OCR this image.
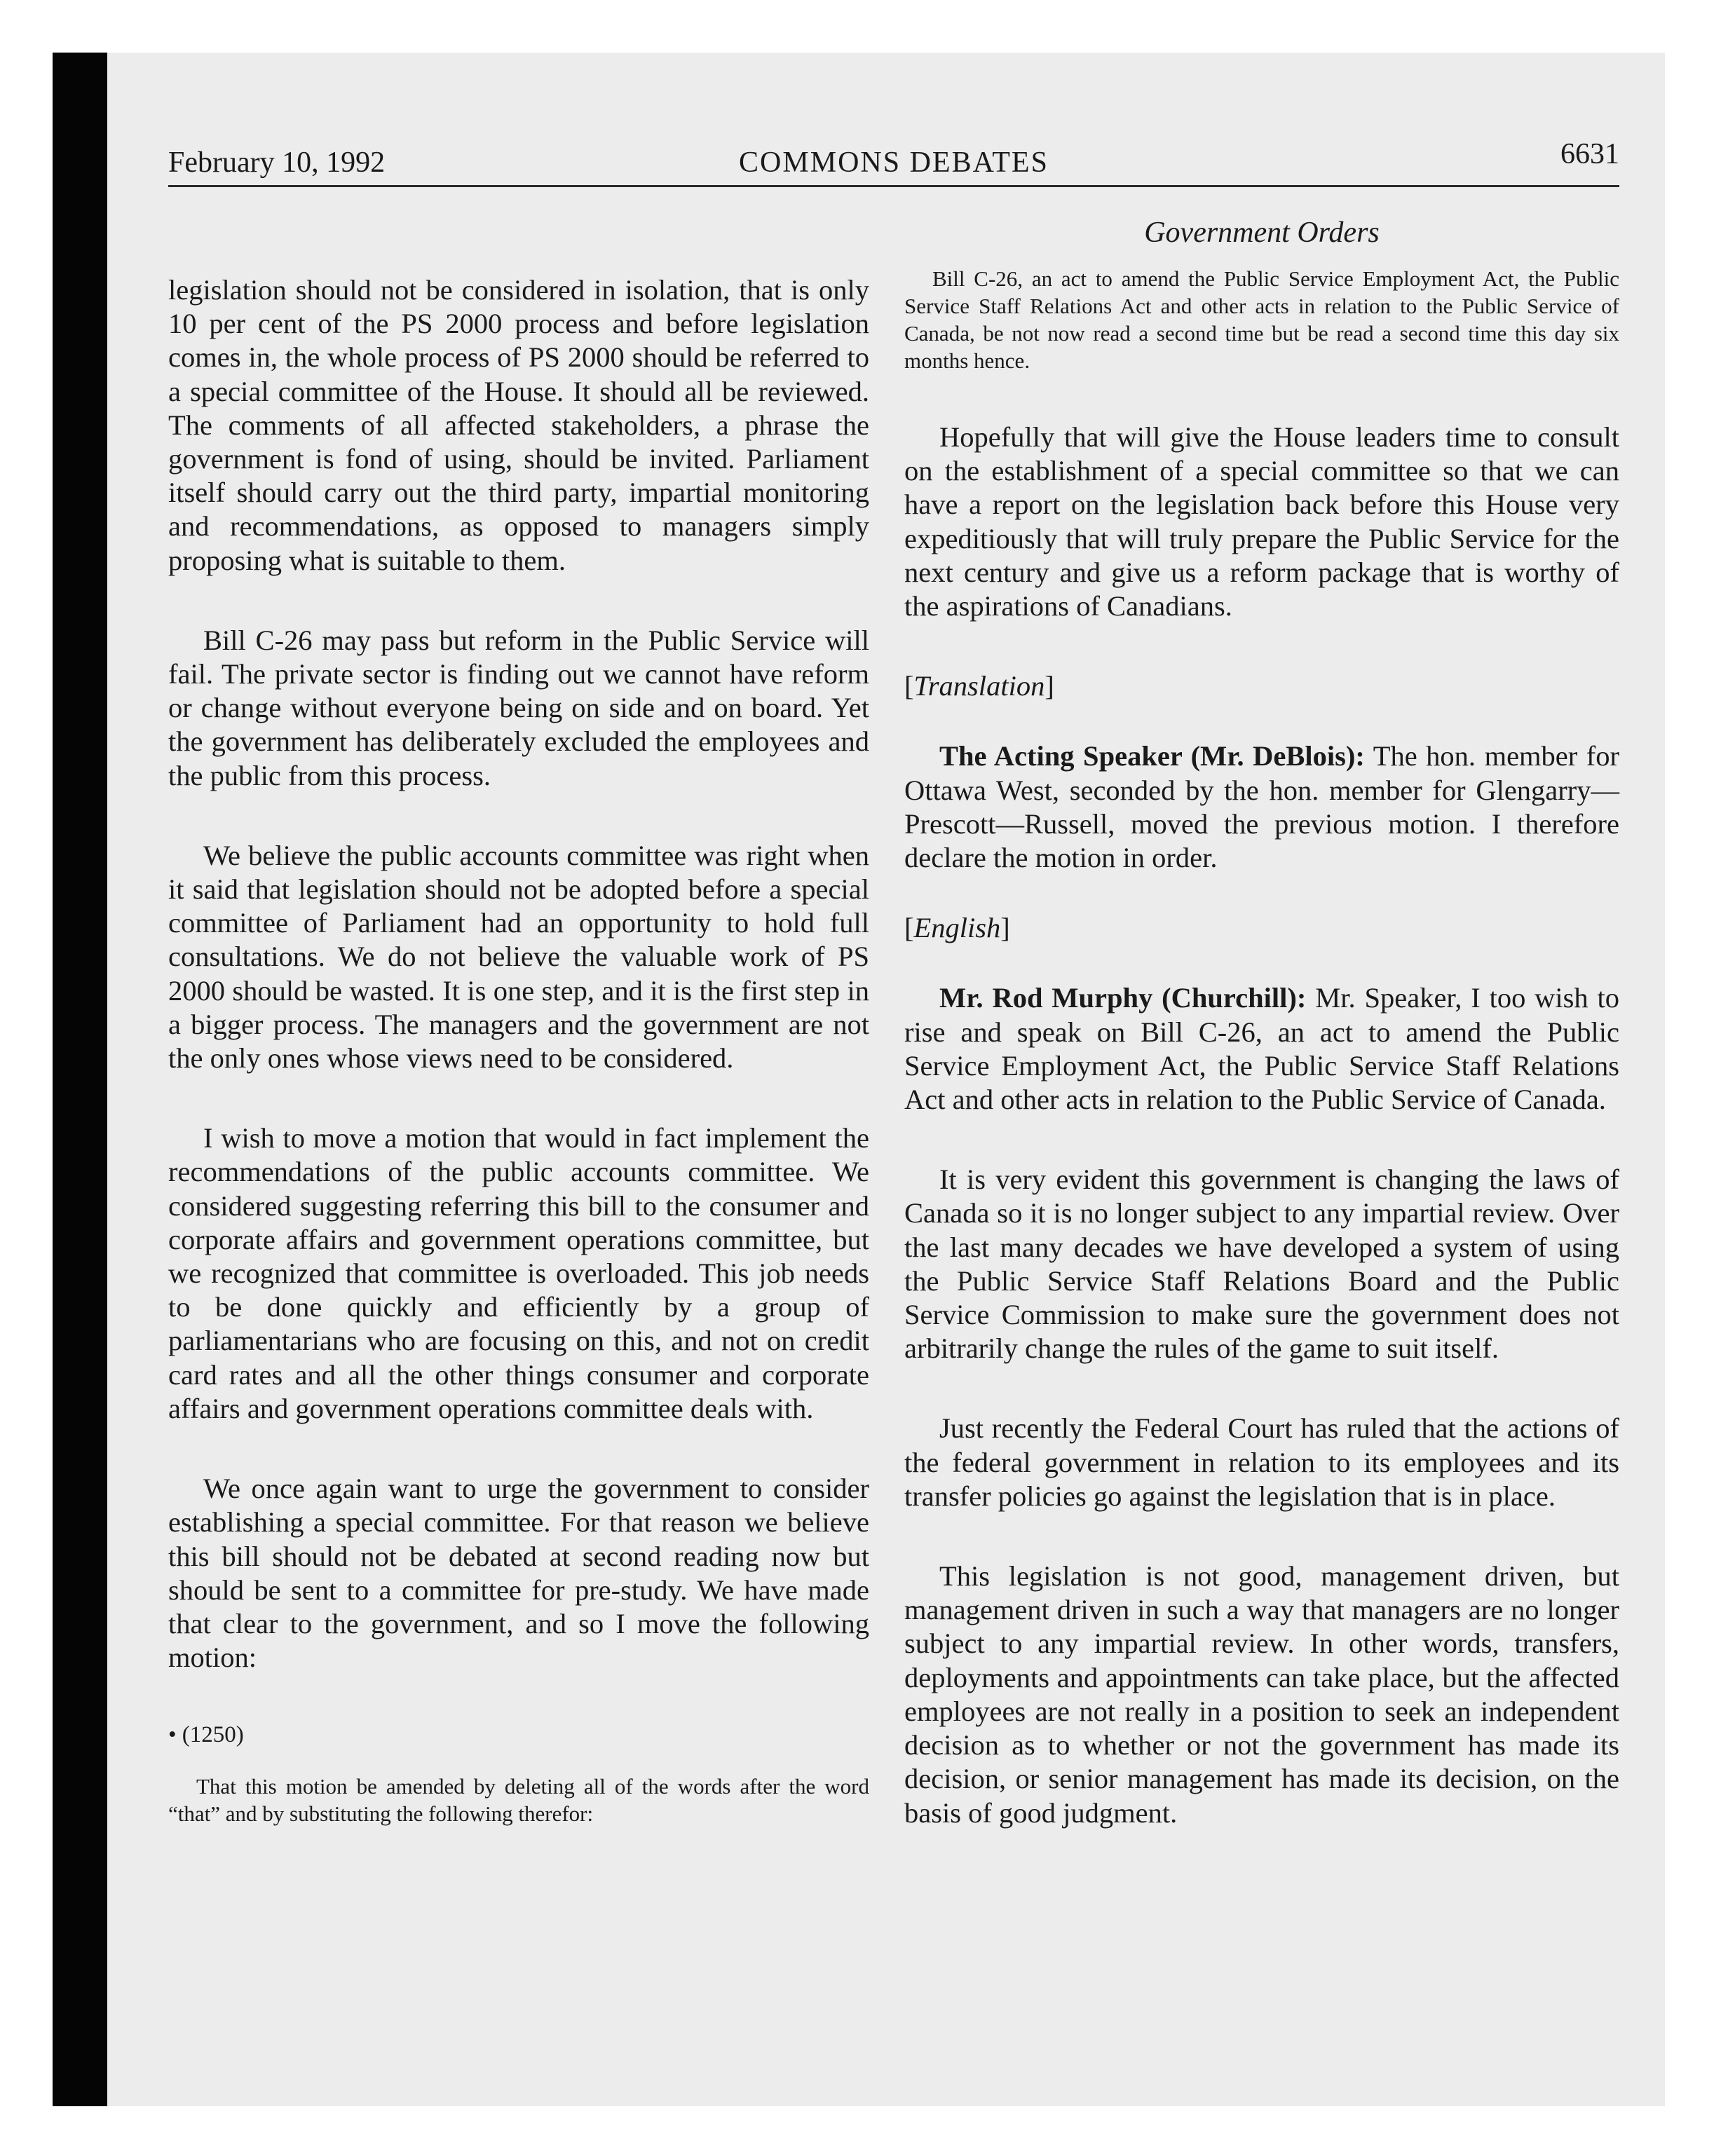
February 10, 1992	COMMONS DEBATES	6631
Government Orders

legislation should not be considered in isolation, that is only 10 per cent of the PS 2000 process and before legislation comes in, the whole process of PS 2000 should be referred to a special committee of the House. It should all be reviewed. The comments of all affected stakeholders, a phrase the government is fond of using, should be invited. Parliament itself should carry out the third party, impartial monitoring and recommendations, as opposed to managers simply proposing what is suitable to them.

Bill C-26 may pass but reform in the Public Service will fail. The private sector is finding out we cannot have reform or change without everyone being on side and on board. Yet the government has deliberately excluded the employees and the public from this process.

We believe the public accounts committee was right when it said that legislation should not be adopted before a special committee of Parliament had an opportunity to hold full consultations. We do not believe the valuable work of PS 2000 should be wasted. It is one step, and it is the first step in a bigger process. The managers and the government are not the only ones whose views need to be considered.

I wish to move a motion that would in fact implement the recommendations of the public accounts committee. We considered suggesting referring this bill to the consumer and corporate affairs and government operations committee, but we recognized that committee is overloaded. This job needs to be done quickly and efficiently by a group of parliamentarians who are focusing on this, and not on credit card rates and all the other things consumer and corporate affairs and government operations committee deals with.

We once again want to urge the government to consider establishing a special committee. For that reason we believe this bill should not be debated at second reading now but should be sent to a committee for pre-study. We have made that clear to the government, and so I move the following motion:

• (1250)

That this motion be amended by deleting all of the words after the word “that” and by substituting the following therefor:

Bill C-26, an act to amend the Public Service Employment Act, the Public Service Staff Relations Act and other acts in relation to the Public Service of Canada, be not now read a second time but be read a second time this day six months hence.

Hopefully that will give the House leaders time to consult on the establishment of a special committee so that we can have a report on the legislation back before this House very expeditiously that will truly prepare the Public Service for the next century and give us a reform package that is worthy of the aspirations of Canadians.

[Translation]

The Acting Speaker (Mr. DeBlois): The hon. member for Ottawa West, seconded by the hon. member for Glengarry—Prescott—Russell, moved the previous motion. I therefore declare the motion in order.

[English]

Mr. Rod Murphy (Churchill): Mr. Speaker, I too wish to rise and speak on Bill C-26, an act to amend the Public Service Employment Act, the Public Service Staff Relations Act and other acts in relation to the Public Service of Canada.

It is very evident this government is changing the laws of Canada so it is no longer subject to any impartial review. Over the last many decades we have developed a system of using the Public Service Staff Relations Board and the Public Service Commission to make sure the government does not arbitrarily change the rules of the game to suit itself.

Just recently the Federal Court has ruled that the actions of the federal government in relation to its employees and its transfer policies go against the legislation that is in place.

This legislation is not good, management driven, but management driven in such a way that managers are no longer subject to any impartial review. In other words, transfers, deployments and appointments can take place, but the affected employees are not really in a position to seek an independent decision as to whether or not the government has made its decision, or senior management has made its decision, on the basis of good judgment.
